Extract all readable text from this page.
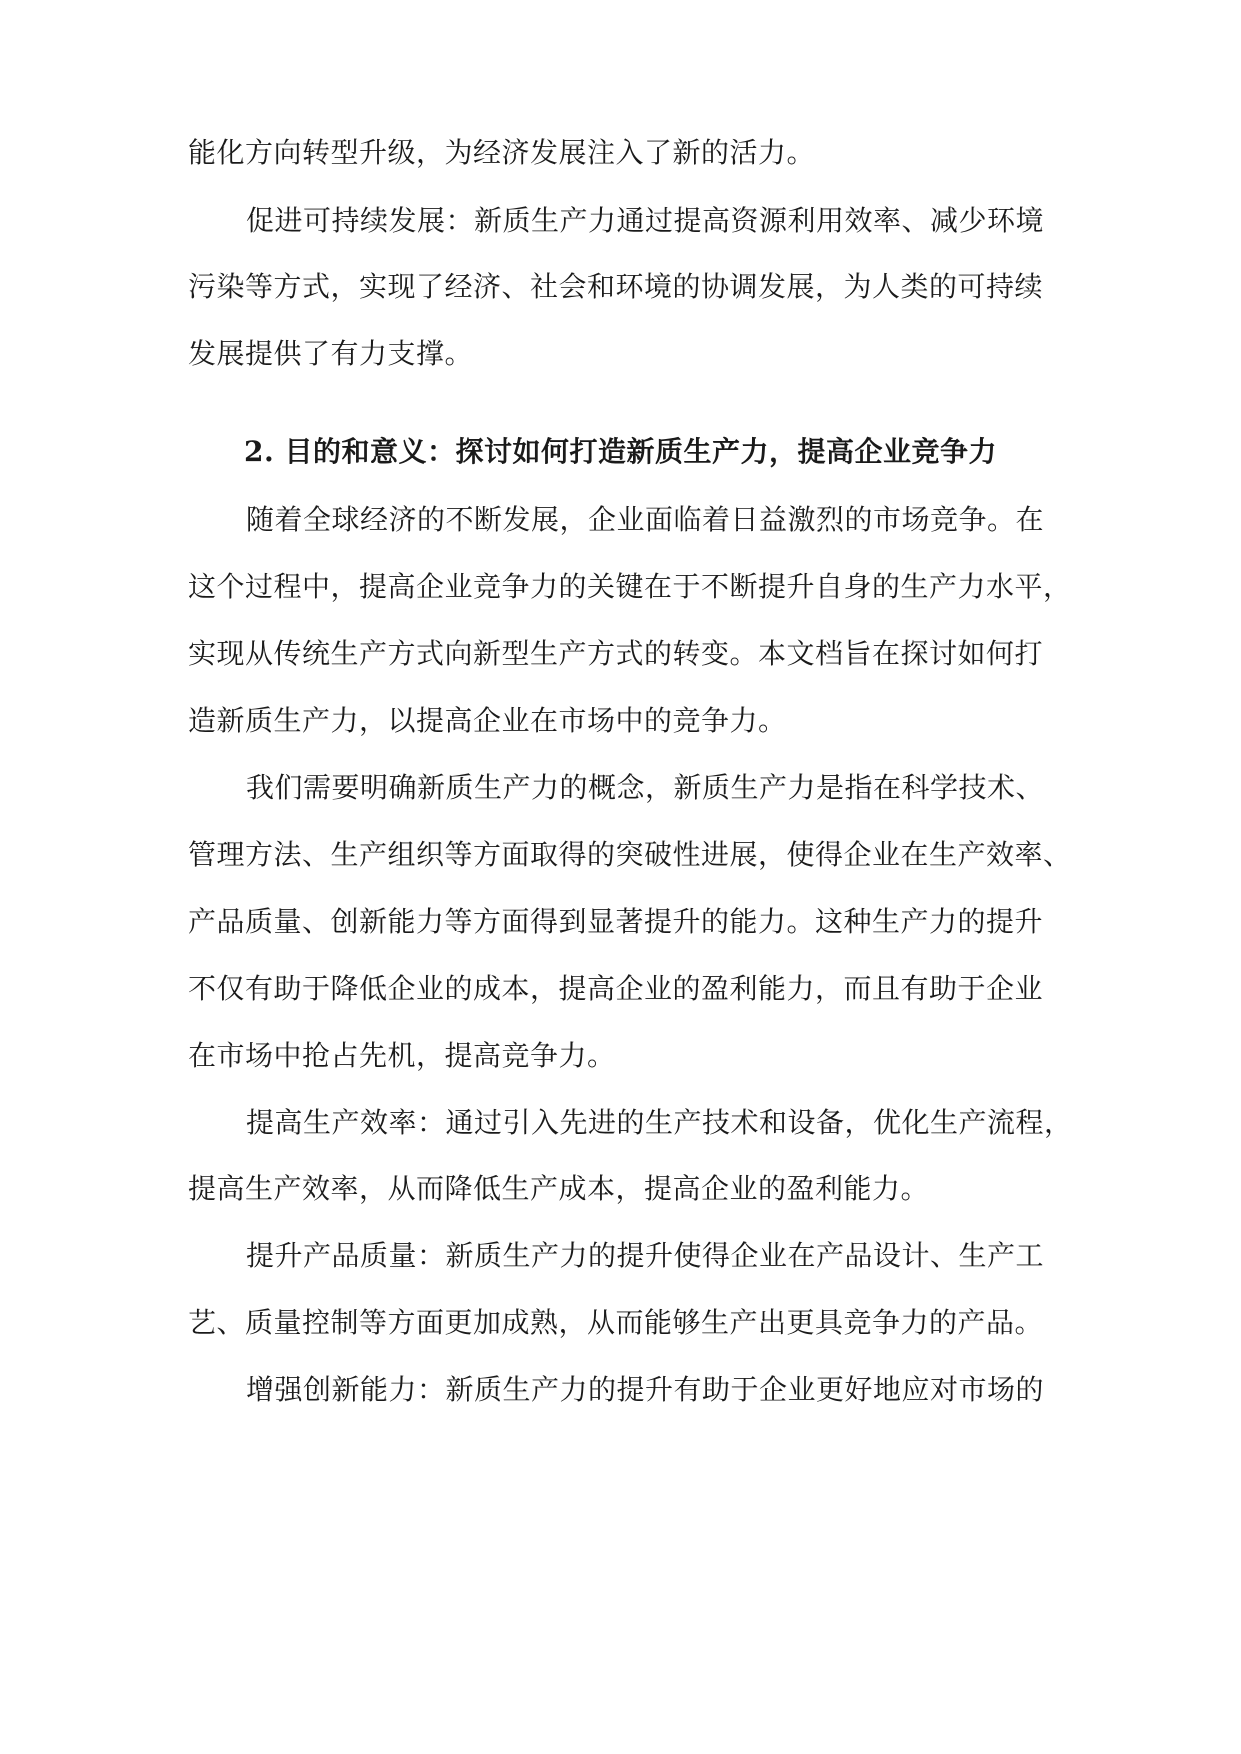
能化方向转型升级，为经济发展注入了新的活力。
促进可持续发展：新质生产力通过提高资源利用效率、减少环境
污染等方式，实现了经济、社会和环境的协调发展，为人类的可持续
发展提供了有力支撑。
2. 目的和意义：探讨如何打造新质生产力，提高企业竞争力
随着全球经济的不断发展，企业面临着日益激烈的市场竞争。在
这个过程中，提高企业竞争力的关键在于不断提升自身的生产力水平，
实现从传统生产方式向新型生产方式的转变。本文档旨在探讨如何打
造新质生产力，以提高企业在市场中的竞争力。
我们需要明确新质生产力的概念，新质生产力是指在科学技术、
管理方法、生产组织等方面取得的突破性进展，使得企业在生产效率、
产品质量、创新能力等方面得到显著提升的能力。这种生产力的提升
不仅有助于降低企业的成本，提高企业的盈利能力，而且有助于企业
在市场中抢占先机，提高竞争力。
提高生产效率：通过引入先进的生产技术和设备，优化生产流程，
提高生产效率，从而降低生产成本，提高企业的盈利能力。
提升产品质量：新质生产力的提升使得企业在产品设计、生产工
艺、质量控制等方面更加成熟，从而能够生产出更具竞争力的产品。
增强创新能力：新质生产力的提升有助于企业更好地应对市场的
